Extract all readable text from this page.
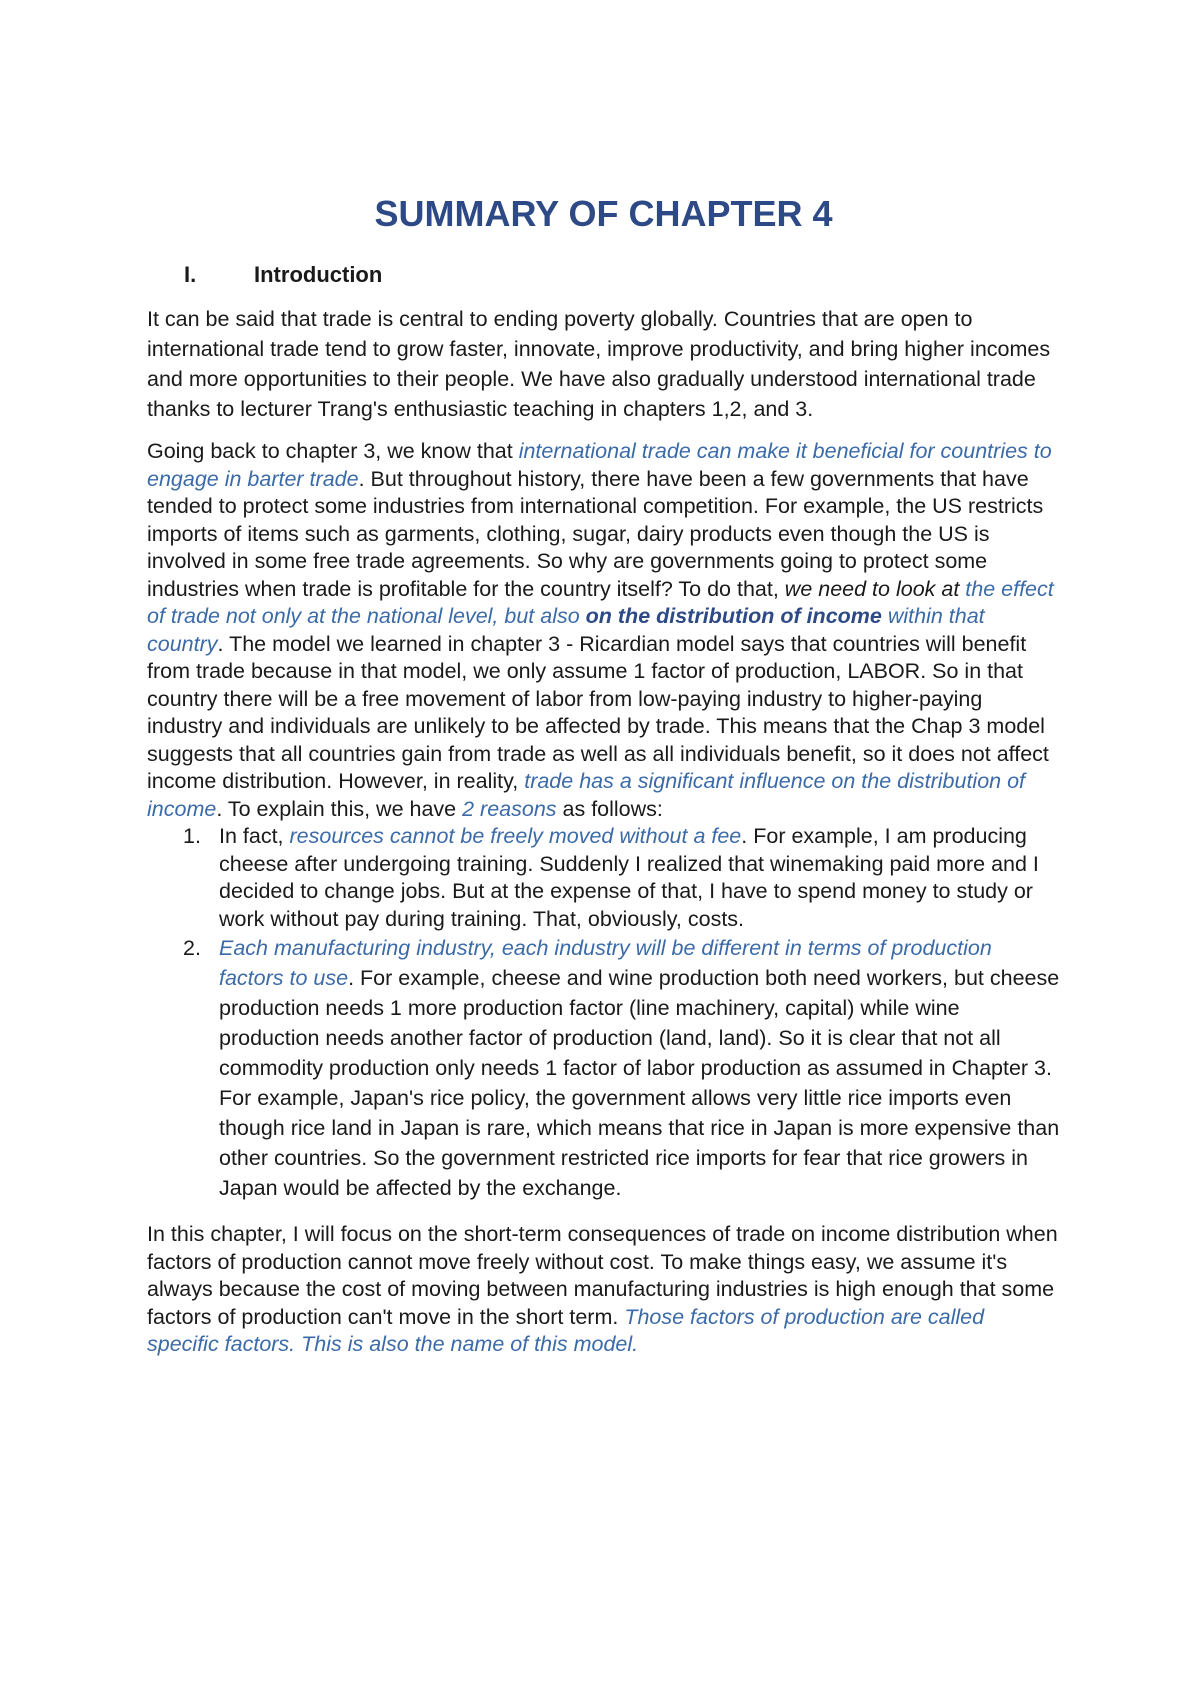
SUMMARY OF CHAPTER 4
I.	Introduction

It can be said that trade is central to ending poverty globally. Countries that are open to international trade tend to grow faster, innovate, improve productivity, and bring higher incomes and more opportunities to their people. We have also gradually understood international trade thanks to lecturer Trang's enthusiastic teaching in chapters 1,2, and 3.

Going back to chapter 3, we know that international trade can make it beneficial for countries to engage in barter trade. But throughout history, there have been a few governments that have tended to protect some industries from international competition. For example, the US restricts imports of items such as garments, clothing, sugar, dairy products even though the US is involved in some free trade agreements. So why are governments going to protect some industries when trade is profitable for the country itself? To do that, we need to look at the effect of trade not only at the national level, but also on the distribution of income within that country. The model we learned in chapter 3 - Ricardian model says that countries will benefit from trade because in that model, we only assume 1 factor of production, LABOR. So in that country there will be a free movement of labor from low-paying industry to higher-paying industry and individuals are unlikely to be affected by trade. This means that the Chap 3 model suggests that all countries gain from trade as well as all individuals benefit, so it does not affect income distribution. However, in reality, trade has a significant influence on the distribution of income. To explain this, we have 2 reasons as follows:

1. In fact, resources cannot be freely moved without a fee. For example, I am producing cheese after undergoing training. Suddenly I realized that winemaking paid more and I decided to change jobs. But at the expense of that, I have to spend money to study or work without pay during training. That, obviously, costs.
2. Each manufacturing industry, each industry will be different in terms of production factors to use. For example, cheese and wine production both need workers, but cheese production needs 1 more production factor (line machinery, capital) while wine production needs another factor of production (land, land). So it is clear that not all commodity production only needs 1 factor of labor production as assumed in Chapter 3. For example, Japan's rice policy, the government allows very little rice imports even though rice land in Japan is rare, which means that rice in Japan is more expensive than other countries. So the government restricted rice imports for fear that rice growers in Japan would be affected by the exchange.

In this chapter, I will focus on the short-term consequences of trade on income distribution when factors of production cannot move freely without cost. To make things easy, we assume it's always because the cost of moving between manufacturing industries is high enough that some factors of production can't move in the short term. Those factors of production are called specific factors. This is also the name of this model.
